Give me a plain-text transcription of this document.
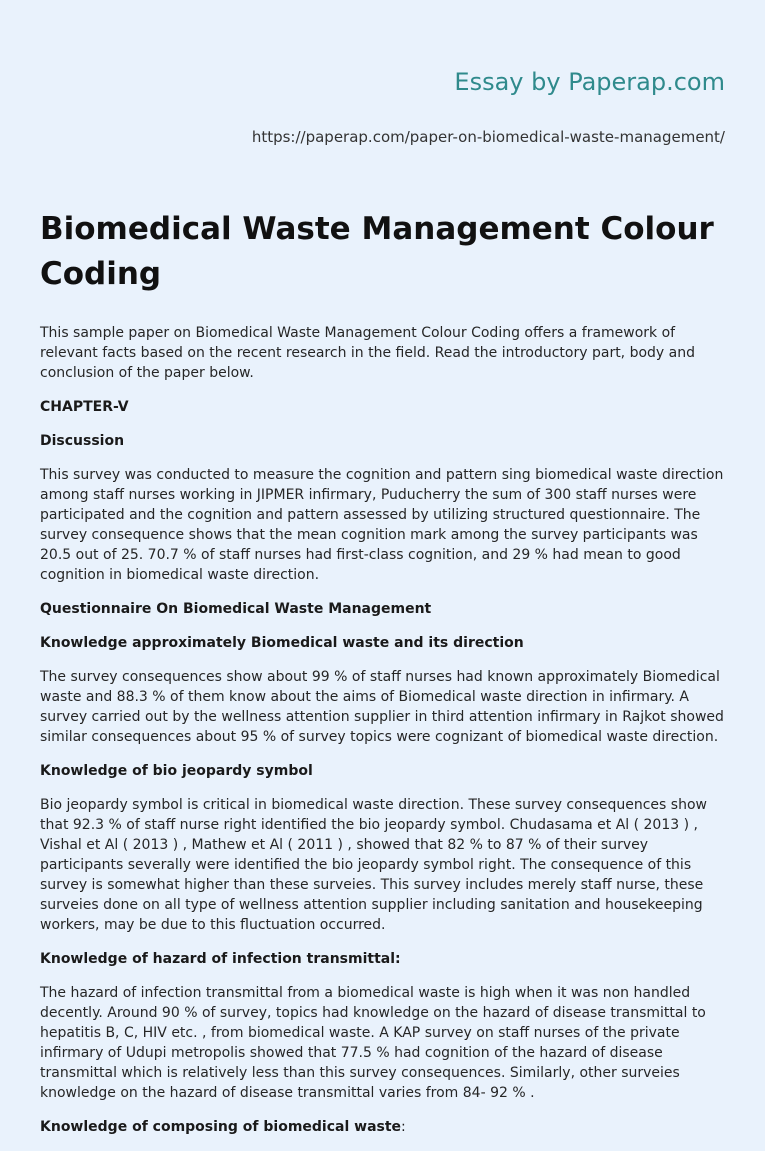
Essay by Paperap.com
https://paperap.com/paper-on-biomedical-waste-management/
Biomedical Waste Management Colour Coding

This sample paper on Biomedical Waste Management Colour Coding offers a framework of relevant facts based on the recent research in the field. Read the introductory part, body and conclusion of the paper below.

CHAPTER-V

Discussion

This survey was conducted to measure the cognition and pattern sing biomedical waste direction among staff nurses working in JIPMER infirmary, Puducherry the sum of 300 staff nurses were participated and the cognition and pattern assessed by utilizing structured questionnaire. The survey consequence shows that the mean cognition mark among the survey participants was 20.5 out of 25. 70.7 % of staff nurses had first-class cognition, and 29 % had mean to good cognition in biomedical waste direction.

Questionnaire On Biomedical Waste Management

Knowledge approximately Biomedical waste and its direction

The survey consequences show about 99 % of staff nurses had known approximately Biomedical waste and 88.3 % of them know about the aims of Biomedical waste direction in infirmary. A survey carried out by the wellness attention supplier in third attention infirmary in Rajkot showed similar consequences about 95 % of survey topics were cognizant of biomedical waste direction.

Knowledge of bio jeopardy symbol

Bio jeopardy symbol is critical in biomedical waste direction. These survey consequences show that 92.3 % of staff nurse right identified the bio jeopardy symbol. Chudasama et Al ( 2013 ) , Vishal et Al ( 2013 ) , Mathew et Al ( 2011 ) , showed that 82 % to 87 % of their survey participants severally were identified the bio jeopardy symbol right. The consequence of this survey is somewhat higher than these surveies. This survey includes merely staff nurse, these surveies done on all type of wellness attention supplier including sanitation and housekeeping workers, may be due to this fluctuation occurred.

Knowledge of hazard of infection transmittal:

The hazard of infection transmittal from a biomedical waste is high when it was non handled decently. Around 90 % of survey, topics had knowledge on the hazard of disease transmittal to hepatitis B, C, HIV etc. , from biomedical waste. A KAP survey on staff nurses of the private infirmary of Udupi metropolis showed that 77.5 % had cognition of the hazard of disease transmittal which is relatively less than this survey consequences. Similarly, other surveies knowledge on the hazard of disease transmittal varies from 84- 92 % .

Knowledge of composing of biomedical waste:
